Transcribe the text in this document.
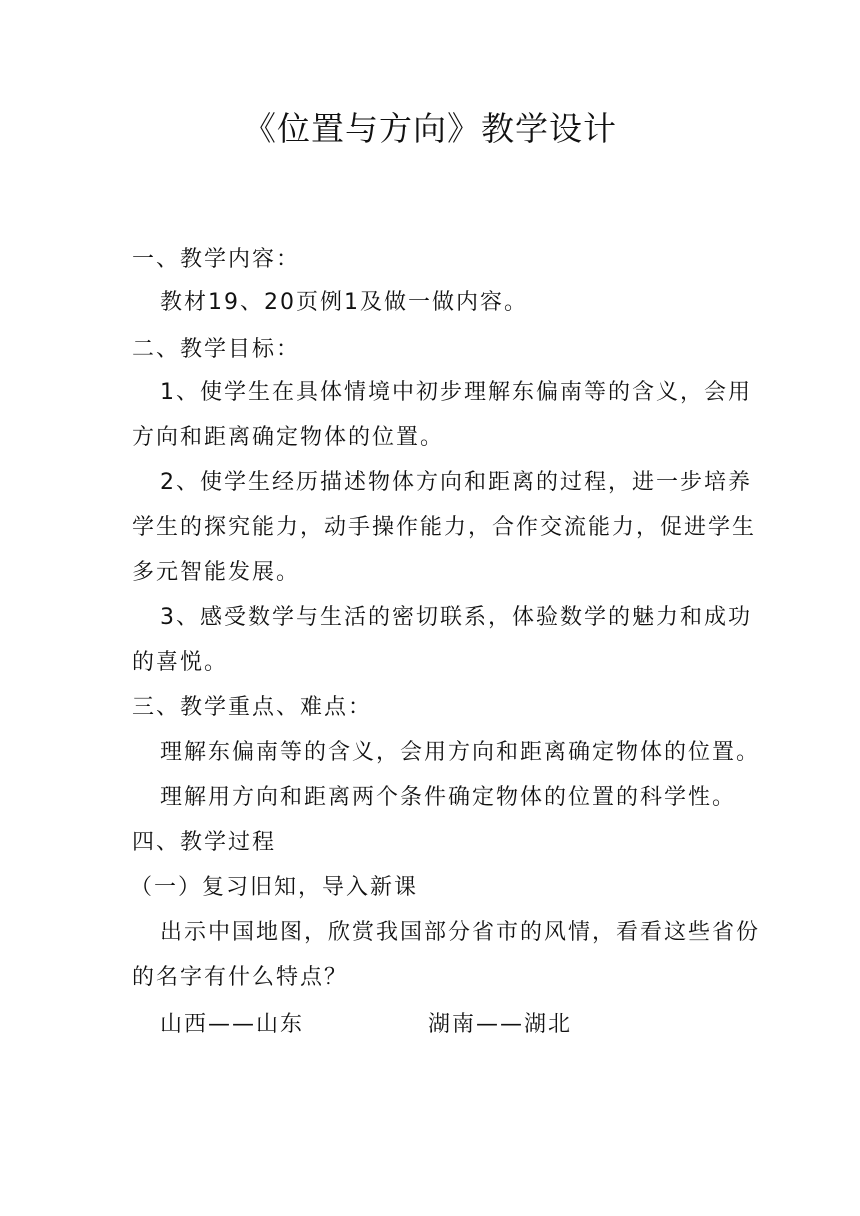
《位置与方向》教学设计

一、教学内容：

教材19、20页例1及做一做内容。

二、教学目标：

1、使学生在具体情境中初步理解东偏南等的含义，会用

方向和距离确定物体的位置。

2、使学生经历描述物体方向和距离的过程，进一步培养

学生的探究能力，动手操作能力，合作交流能力，促进学生

多元智能发展。

3、感受数学与生活的密切联系，体验数学的魅力和成功

的喜悦。

三、教学重点、难点：

理解东偏南等的含义，会用方向和距离确定物体的位置。

理解用方向和距离两个条件确定物体的位置的科学性。

四、教学过程

（一）复习旧知，导入新课

出示中国地图，欣赏我国部分省市的风情，看看这些省份

的名字有什么特点？

山西——山东	湖南——湖北
